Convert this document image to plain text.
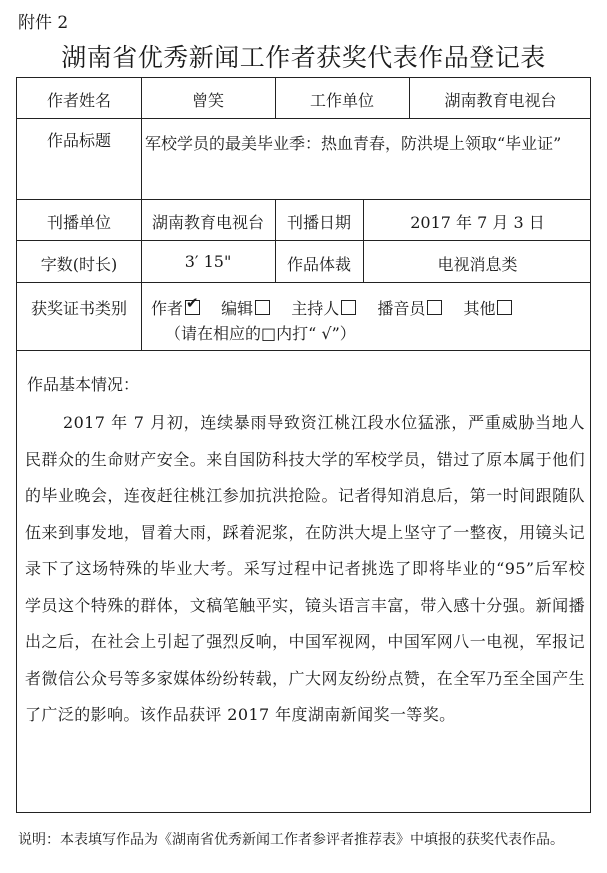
附件 2
湖南省优秀新闻工作者获奖代表作品登记表
作者姓名	曾笑	工作单位	湖南教育电视台
作品标题	军校学员的最美毕业季：热血青春，防洪堤上领取“毕业证”
刊播单位	湖南教育电视台	刊播日期	2017 年 7 月 3 日
字数(时长)	3′ 15"	作品体裁	电视消息类
获奖证书类别	作者✔ 编辑 主持人 播音员 其他
（请在相应的□内打“ √”）
作品基本情况：
2017 年 7 月初，连续暴雨导致资江桃江段水位猛涨，严重威胁当地人民群众的生命财产安全。来自国防科技大学的军校学员，错过了原本属于他们的毕业晚会，连夜赶往桃江参加抗洪抢险。记者得知消息后，第一时间跟随队伍来到事发地，冒着大雨，踩着泥浆，在防洪大堤上坚守了一整夜，用镜头记录下了这场特殊的毕业大考。采写过程中记者挑选了即将毕业的“95”后军校学员这个特殊的群体，文稿笔触平实，镜头语言丰富，带入感十分强。新闻播出之后，在社会上引起了强烈反响，中国军视网，中国军网八一电视，军报记者微信公众号等多家媒体纷纷转载，广大网友纷纷点赞，在全军乃至全国产生了广泛的影响。该作品获评 2017 年度湖南新闻奖一等奖。
说明：本表填写作品为《湖南省优秀新闻工作者参评者推荐表》中填报的获奖代表作品。
